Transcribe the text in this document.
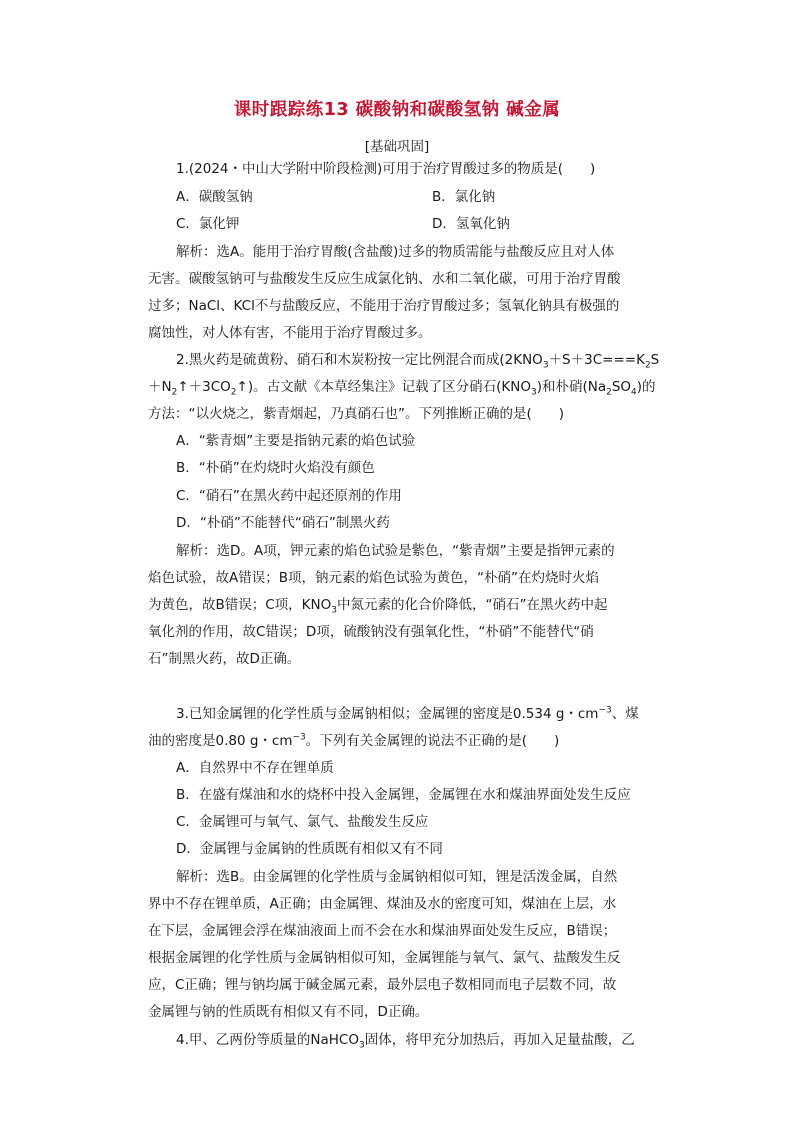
课时跟踪练13 碳酸钠和碳酸氢钠 碱金属
[基础巩固]
1.(2024・中山大学附中阶段检测)可用于治疗胃酸过多的物质是(　　)
A．碳酸氢钠	B．氯化钠
C．氯化钾	D．氢氧化钠
解析：选A。能用于治疗胃酸(含盐酸)过多的物质需能与盐酸反应且对人体
无害。碳酸氢钠可与盐酸发生反应生成氯化钠、水和二氧化碳，可用于治疗胃酸
过多；NaCl、KCl不与盐酸反应，不能用于治疗胃酸过多；氢氧化钠具有极强的
腐蚀性，对人体有害，不能用于治疗胃酸过多。
2.黑火药是硫黄粉、硝石和木炭粉按一定比例混合而成($2KNO_3+S+3C===K_2S$
$+N_2↑+3CO_2↑$)。古文献《本草经集注》记载了区分硝石$(KNO_3)$和朴硝$(Na_2SO_4)$的
方法：“以火烧之，紫青烟起，乃真硝石也”。下列推断正确的是(　　)
A．“紫青烟”主要是指钠元素的焰色试验
B．“朴硝”在灼烧时火焰没有颜色
C．“硝石”在黑火药中起还原剂的作用
D．“朴硝”不能替代“硝石”制黑火药
解析：选D。A项，钾元素的焰色试验是紫色，“紫青烟”主要是指钾元素的
焰色试验，故A错误；B项，钠元素的焰色试验为黄色，“朴硝”在灼烧时火焰
为黄色，故B错误；C项，$KNO_3$中氮元素的化合价降低，“硝石”在黑火药中起
氧化剂的作用，故C错误；D项，硫酸钠没有强氧化性，“朴硝”不能替代“硝
石”制黑火药，故D正确。
3.已知金属锂的化学性质与金属钠相似；金属锂的密度是0.534 g・$cm^{-3}$、煤
油的密度是0.80 g・$cm^{-3}$。下列有关金属锂的说法不正确的是(　　)
A．自然界中不存在锂单质
B．在盛有煤油和水的烧杯中投入金属锂，金属锂在水和煤油界面处发生反应
C．金属锂可与氧气、氯气、盐酸发生反应
D．金属锂与金属钠的性质既有相似又有不同
解析：选B。由金属锂的化学性质与金属钠相似可知，锂是活泼金属，自然
界中不存在锂单质，A正确；由金属锂、煤油及水的密度可知，煤油在上层，水
在下层，金属锂会浮在煤油液面上而不会在水和煤油界面处发生反应，B错误；
根据金属锂的化学性质与金属钠相似可知，金属锂能与氧气、氯气、盐酸发生反
应，C正确；锂与钠均属于碱金属元素，最外层电子数相同而电子层数不同，故
金属锂与钠的性质既有相似又有不同，D正确。
4.甲、乙两份等质量的NaHCO$_3$固体，将甲充分加热后，再加入足量盐酸，乙
